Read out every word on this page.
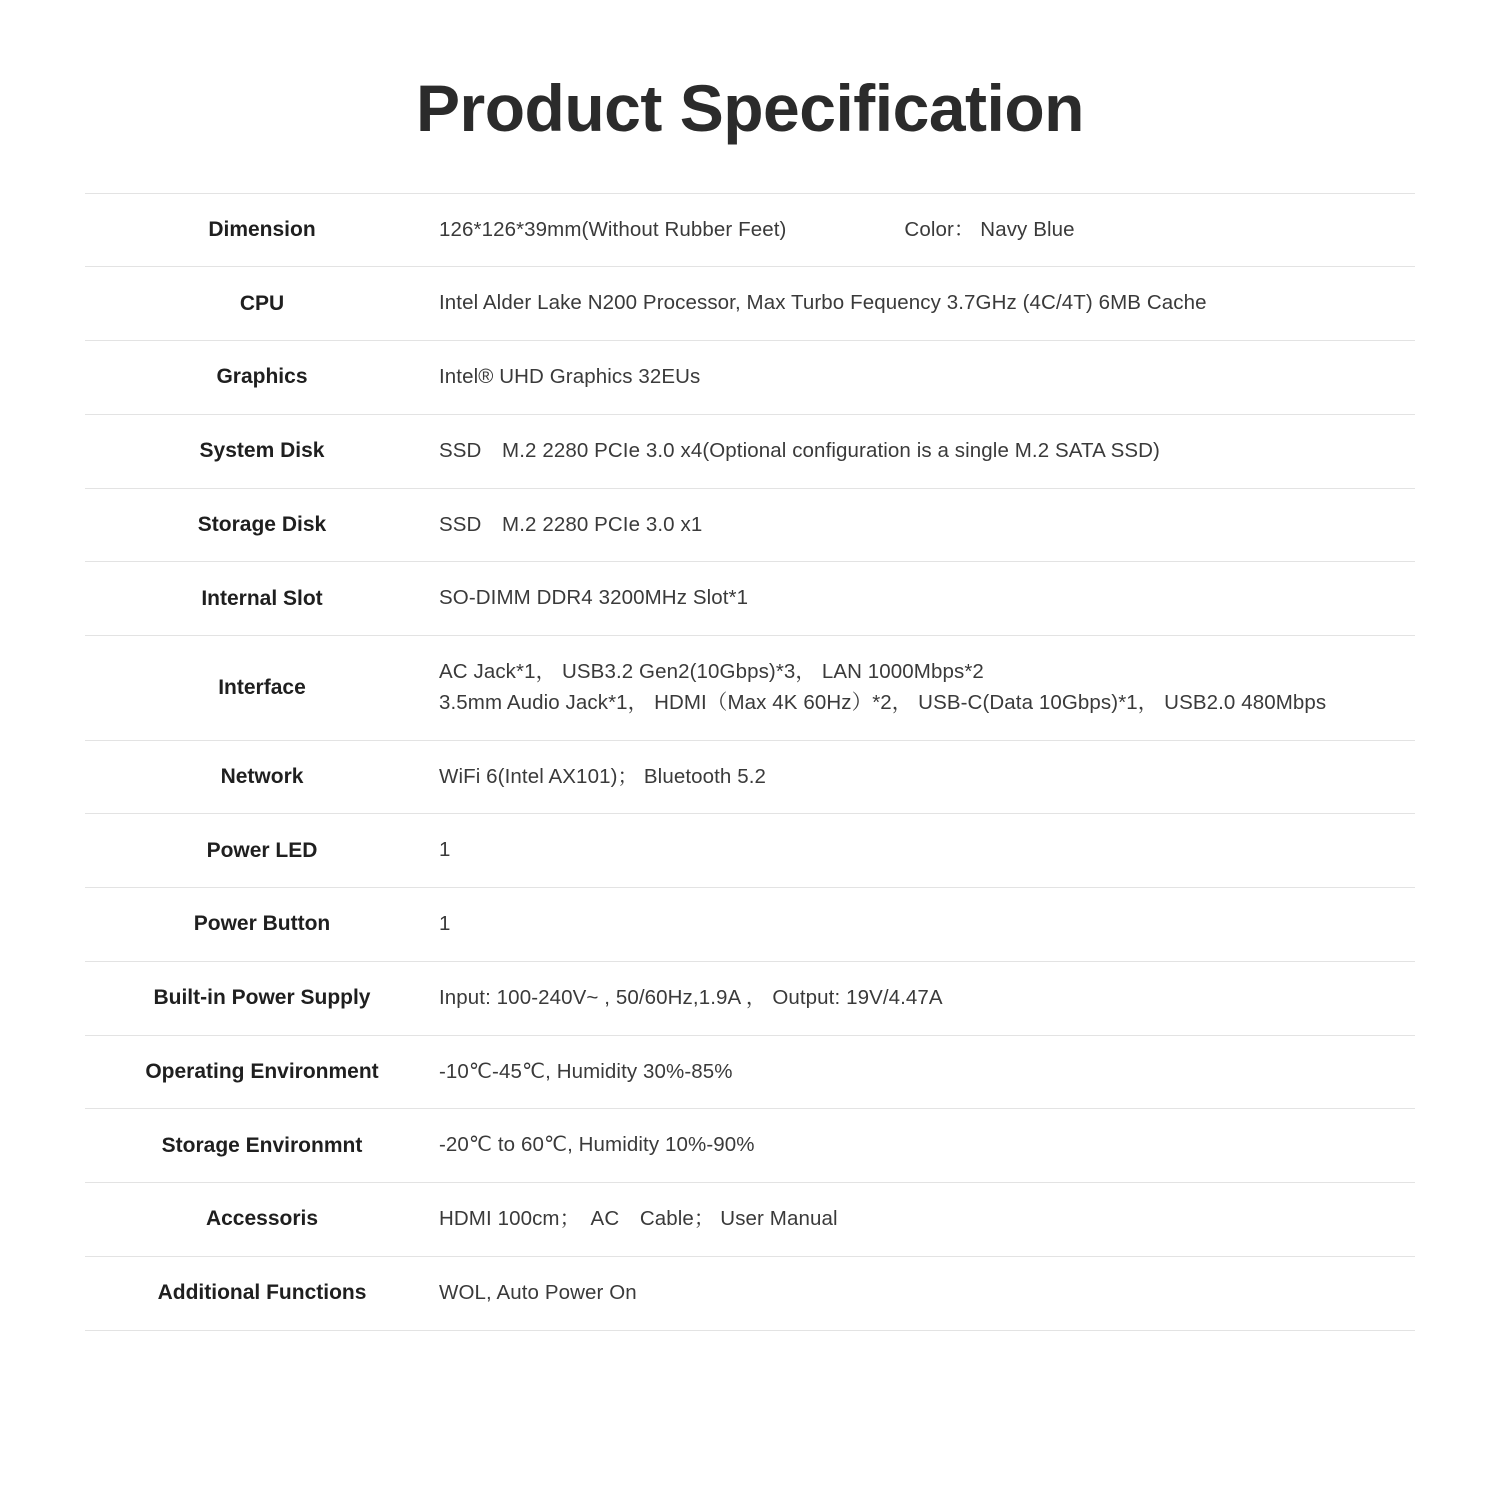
Product Specification
Dimension	126*126*39mm(Without Rubber Feet) Color： Navy Blue
CPU	Intel Alder Lake N200 Processor, Max Turbo Fequency 3.7GHz (4C/4T) 6MB Cache
Graphics	Intel® UHD Graphics 32EUs
System Disk	SSD　M.2 2280 PCIe 3.0 x4(Optional configuration is a single M.2 SATA SSD)
Storage Disk	SSD　M.2 2280 PCIe 3.0 x1
Internal Slot	SO-DIMM DDR4 3200MHz Slot*1
Interface	AC Jack*1， USB3.2 Gen2(10Gbps)*3， LAN 1000Mbps*2
3.5mm Audio Jack*1， HDMI（Max 4K 60Hz）*2， USB-C(Data 10Gbps)*1， USB2.0 480Mbps

Network	WiFi 6(Intel AX101)； Bluetooth 5.2
Power LED	1
Power Button	1
Built-in Power Supply	Input: 100-240V~ , 50/60Hz,1.9A ， Output: 19V/4.47A
Operating Environment	-10℃-45℃, Humidity 30%-85%
Storage Environmnt	-20℃ to 60℃, Humidity 10%-90%
Accessoris	HDMI 100cm；　AC　Cable； User Manual
Additional Functions	WOL, Auto Power On
